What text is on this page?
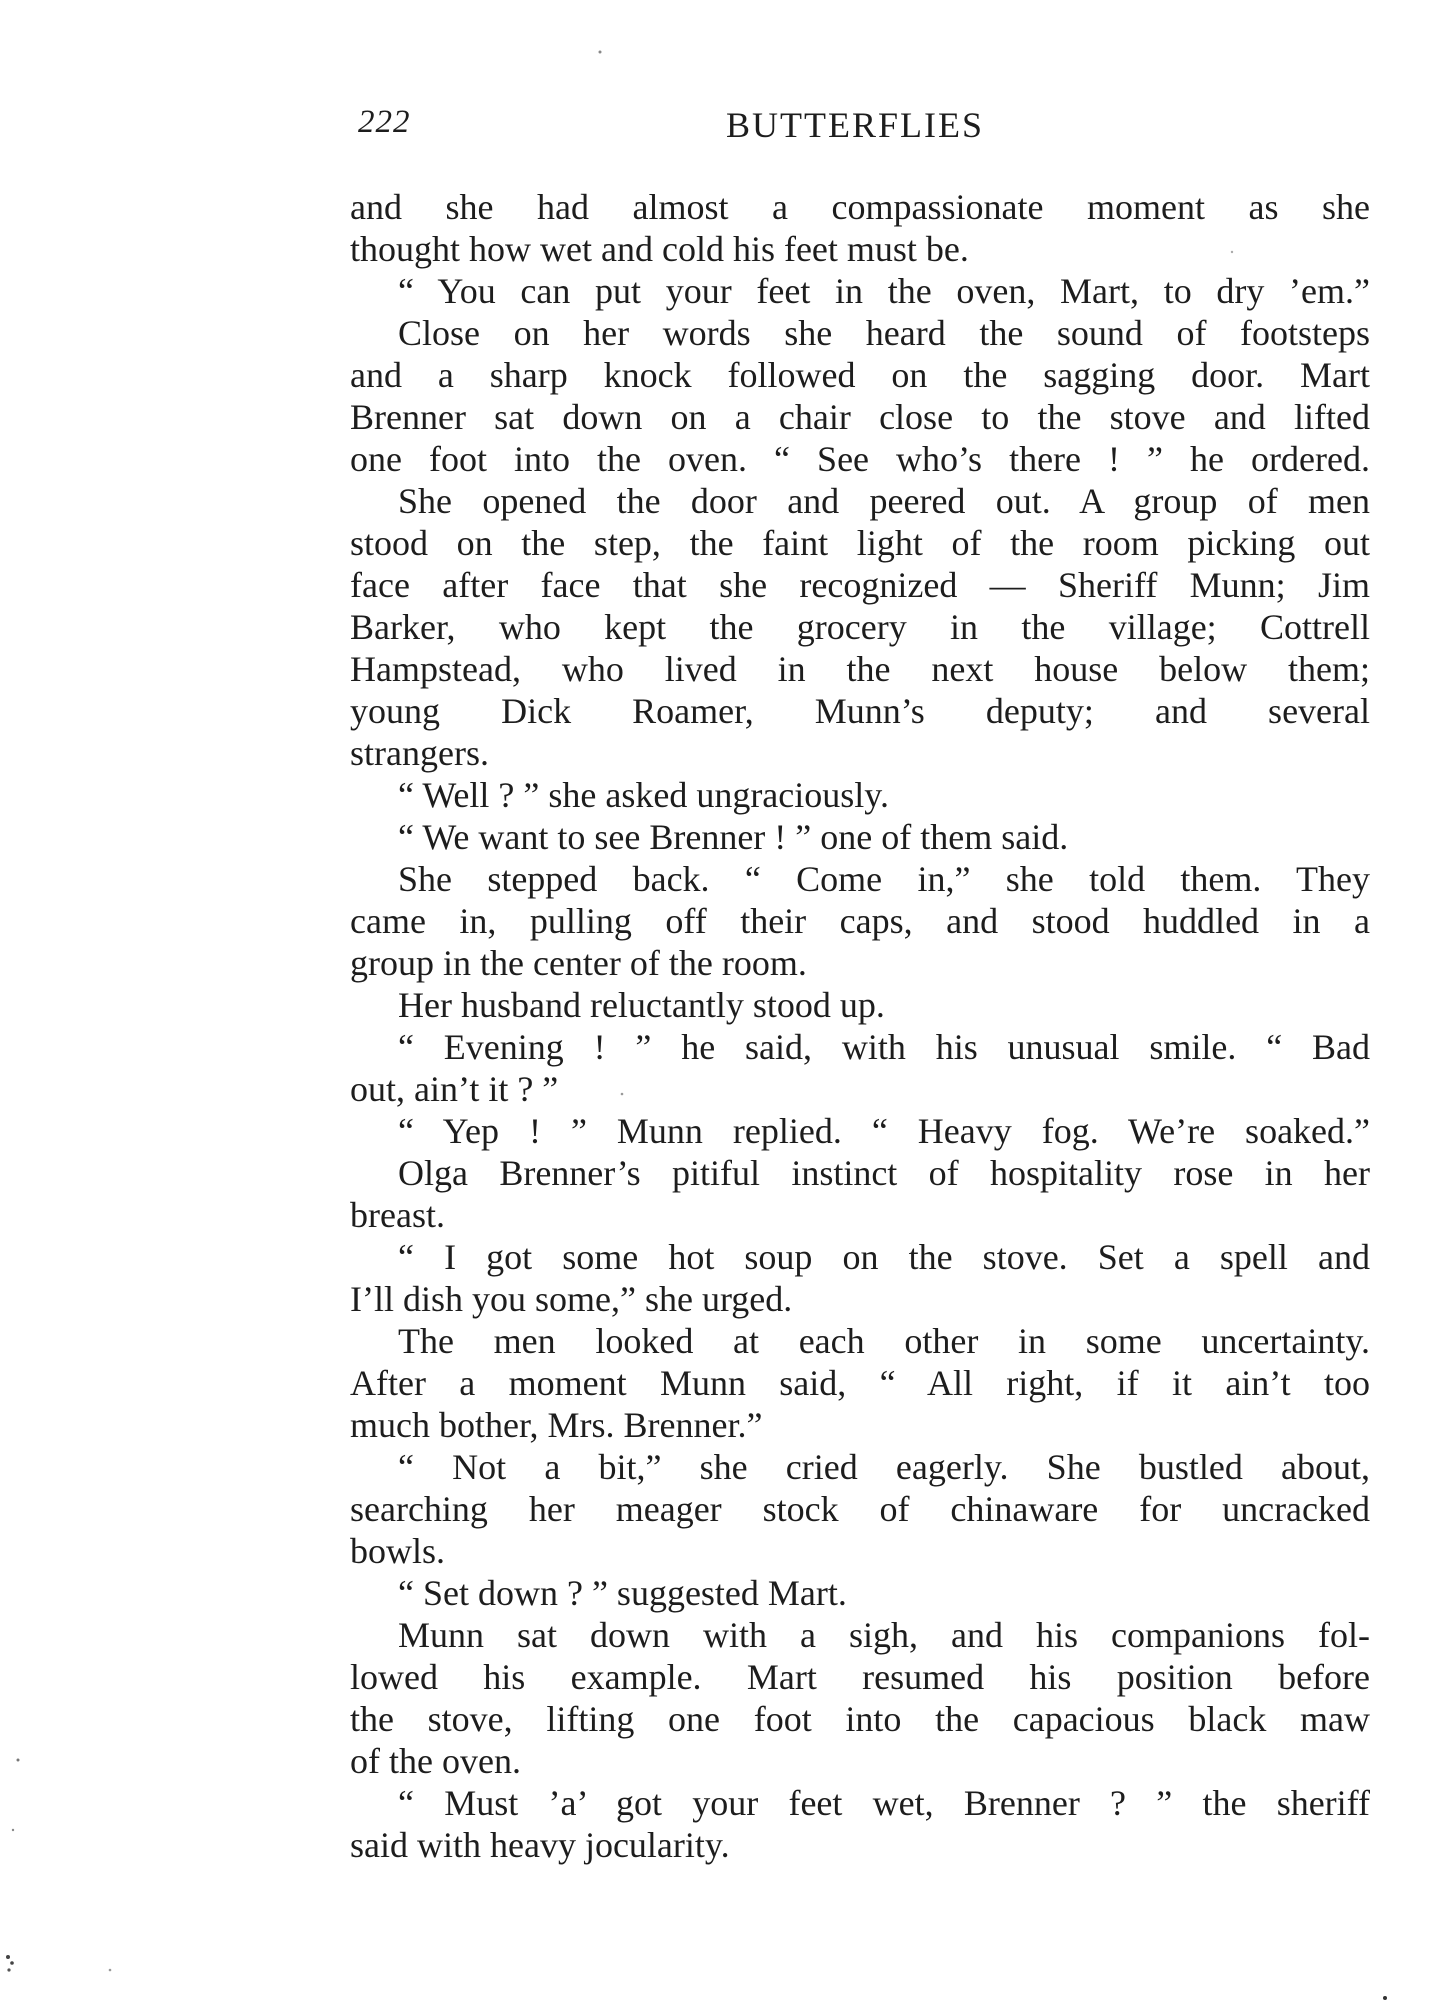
222	BUTTERFLIES
and she had almost a compassionate moment as she
thought how wet and cold his feet must be.
“ You can put your feet in the oven, Mart, to dry ’em.”
Close on her words she heard the sound of footsteps
and a sharp knock followed on the sagging door. Mart
Brenner sat down on a chair close to the stove and lifted
one foot into the oven. “ See who’s there ! ” he ordered.
She opened the door and peered out. A group of men
stood on the step, the faint light of the room picking out
face after face that she recognized — Sheriff Munn; Jim
Barker, who kept the grocery in the village; Cottrell
Hampstead, who lived in the next house below them;
young Dick Roamer, Munn’s deputy; and several
strangers.
“ Well ? ” she asked ungraciously.
“ We want to see Brenner ! ” one of them said.
She stepped back. “ Come in,” she told them. They
came in, pulling off their caps, and stood huddled in a
group in the center of the room.
Her husband reluctantly stood up.
“ Evening ! ” he said, with his unusual smile. “ Bad
out, ain’t it ? ”
“ Yep ! ” Munn replied. “ Heavy fog. We’re soaked.”
Olga Brenner’s pitiful instinct of hospitality rose in her
breast.
“ I got some hot soup on the stove. Set a spell and
I’ll dish you some,” she urged.
The men looked at each other in some uncertainty.
After a moment Munn said, “ All right, if it ain’t too
much bother, Mrs. Brenner.”
“ Not a bit,” she cried eagerly. She bustled about,
searching her meager stock of chinaware for uncracked
bowls.
“ Set down ? ” suggested Mart.
Munn sat down with a sigh, and his companions fol-
lowed his example. Mart resumed his position before
the stove, lifting one foot into the capacious black maw
of the oven.
“ Must ’a’ got your feet wet, Brenner ? ” the sheriff
said with heavy jocularity.
